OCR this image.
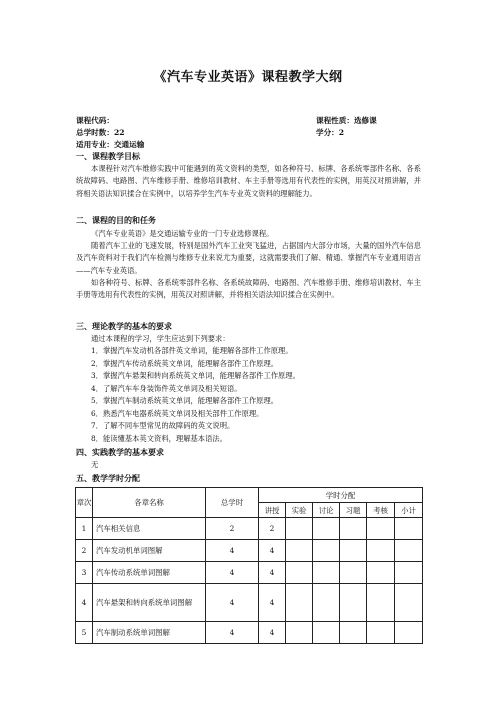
《汽车专业英语》课程教学大纲
课程代码：	课程性质：选修课
总学时数：22	学分：2
适用专业：交通运输
一、课程教学目标
本课程针对汽车维修实践中可能遇到的英文资料的类型，如各种符号、标牌、各系统零部件名称、各系统故障码、电路图、汽车维修手册、维修培训教材、车主手册等选用有代表性的实例，用英汉对照讲解，并将相关语法知识揉合在实例中，以培养学生汽车专业英文资料的理解能力。
二、课程的目的和任务
《汽车专业英语》是交通运输专业的一门专业选修课程。
随着汽车工业的飞速发展，特别是国外汽车工业突飞猛进，占据国内大部分市场，大量的国外汽车信息及汽车资料对于我们汽车检测与维修专业来说尤为重要，这就需要我们了解、精通、掌握汽车专业通用语言——汽车专业英语。
如各种符号、标牌、各系统零部件名称、各系统故障码、电路图、汽车维修手册、维修培训教材、车主手册等选用有代表性的实例，用英汉对照讲解，并将相关语法知识揉合在实例中。
三、理论教学的基本的要求
通过本课程的学习，学生应达到下列要求：
1．掌握汽车发动机各部件英文单词，能理解各部件工作原理。
2．掌握汽车传动系统英文单词，能理解各部件工作原理。
3．掌握汽车悬架和转向系统英文单词，能理解各部件工作原理。
4．了解汽车车身装饰件英文单词及相关短语。
5．掌握汽车制动系统英文单词，能理解各部件工作原理。
6．熟悉汽车电器系统英文单词及相关部件工作原理。
7．了解不同车型常见的故障码的英文说明。
8．能读懂基本英文资料，理解基本语法。
四、实践教学的基本要求
无
五、教学学时分配
章次	各章名称	总学时	学时分配					
			讲授	实验	讨论	习题	考核	小计
1	汽车相关信息	2	2					
2	汽车发动机单词图解	4	4					
3	汽车传动系统单词图解	4	4					
4	汽车悬架和转向系统单词图解	4	4					
5	汽车制动系统单词图解	4	4					
